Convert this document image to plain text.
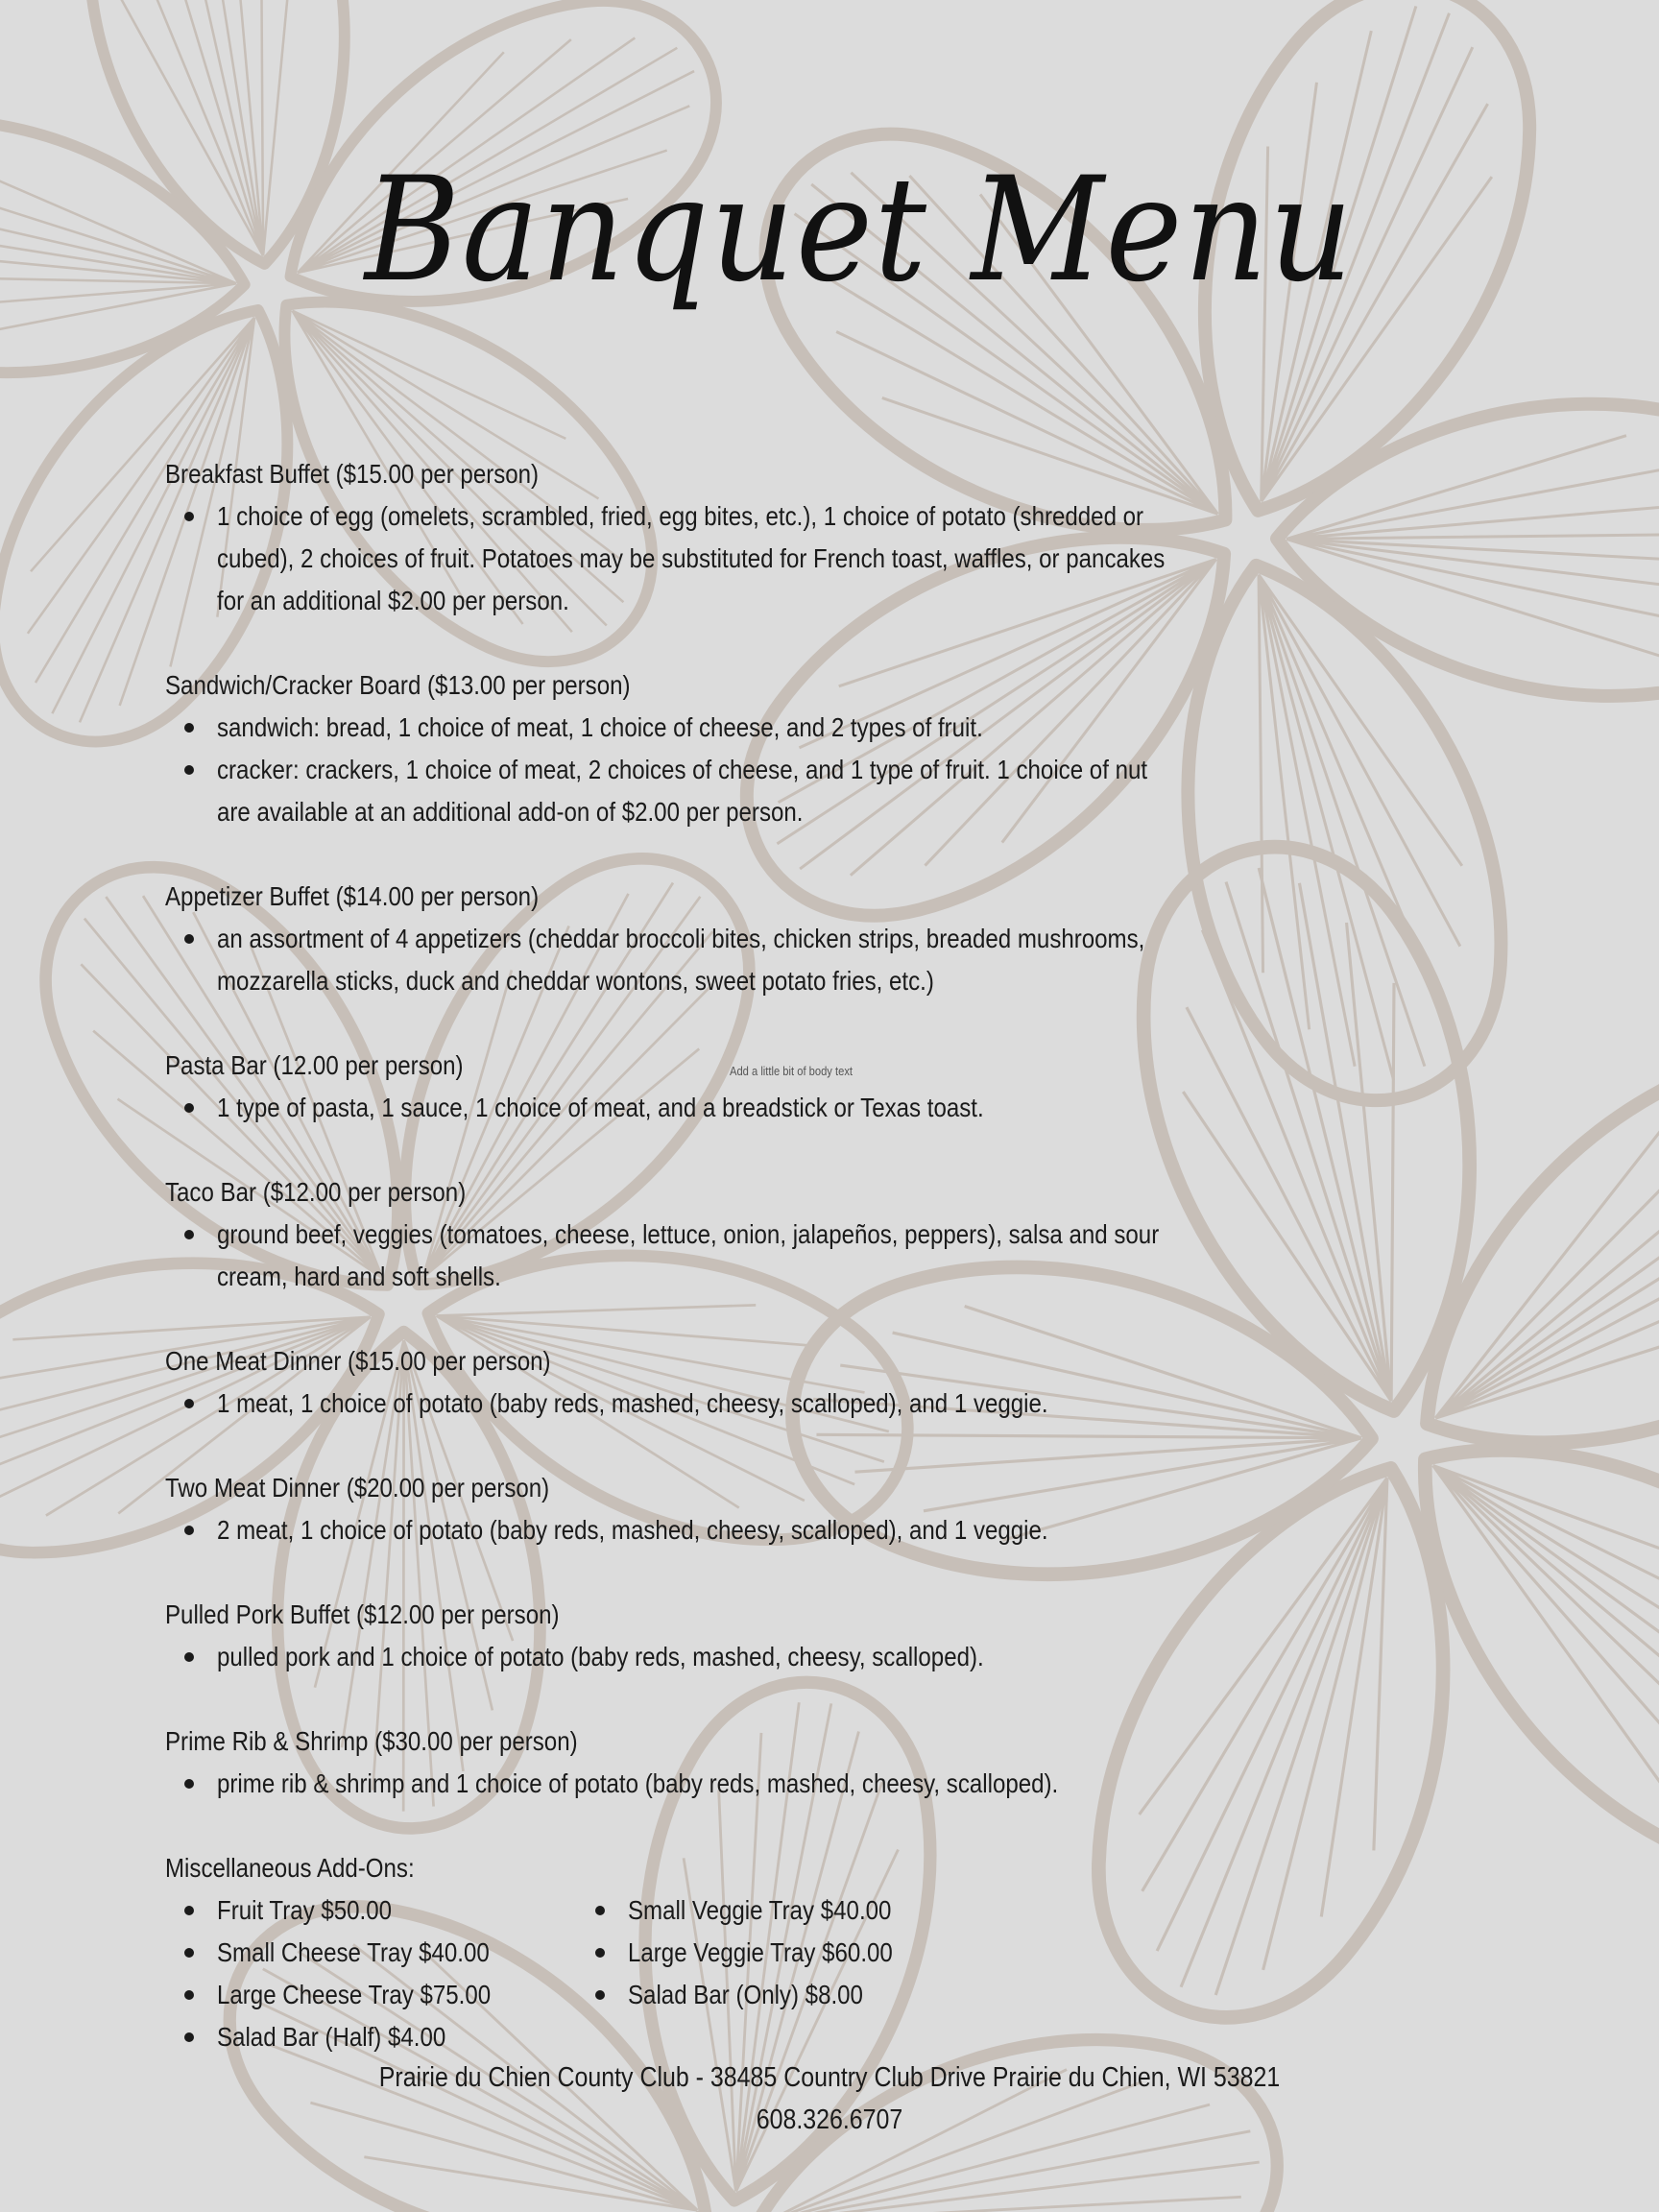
Banquet Menu
Add a little bit of body text
Breakfast Buffet ($15.00 per person)
1 choice of egg (omelets, scrambled, fried, egg bites, etc.), 1 choice of potato (shredded or cubed), 2 choices of fruit. Potatoes may be substituted for French toast, waffles, or pancakes for an additional $2.00 per person.
Sandwich/Cracker Board ($13.00 per person)
sandwich: bread, 1 choice of meat, 1 choice of cheese, and 2 types of fruit.
cracker: crackers, 1 choice of meat, 2 choices of cheese, and 1 type of fruit. 1 choice of nut are available at an additional add-on of $2.00 per person.
Appetizer Buffet ($14.00 per person)
an assortment of 4 appetizers (cheddar broccoli bites, chicken strips, breaded mushrooms, mozzarella sticks, duck and cheddar wontons, sweet potato fries, etc.)
Pasta Bar (12.00 per person)
1 type of pasta, 1 sauce, 1 choice of meat, and a breadstick or Texas toast.
Taco Bar ($12.00 per person)
ground beef, veggies (tomatoes, cheese, lettuce, onion, jalapeños, peppers), salsa and sour cream, hard and soft shells.
One Meat Dinner ($15.00 per person)
1 meat, 1 choice of potato (baby reds, mashed, cheesy, scalloped), and 1 veggie.
Two Meat Dinner ($20.00 per person)
2 meat, 1 choice of potato (baby reds, mashed, cheesy, scalloped), and 1 veggie.
Pulled Pork Buffet ($12.00 per person)
pulled pork and 1 choice of potato (baby reds, mashed, cheesy, scalloped).
Prime Rib & Shrimp ($30.00 per person)
prime rib & shrimp and 1 choice of potato (baby reds, mashed, cheesy, scalloped).
Miscellaneous Add-Ons:
Fruit Tray $50.00
Small Cheese Tray $40.00
Large Cheese Tray $75.00
Salad Bar (Half) $4.00
Small Veggie Tray $40.00
Large Veggie Tray $60.00
Salad Bar (Only) $8.00
Prairie du Chien County Club - 38485 Country Club Drive Prairie du Chien, WI 53821
608.326.6707
